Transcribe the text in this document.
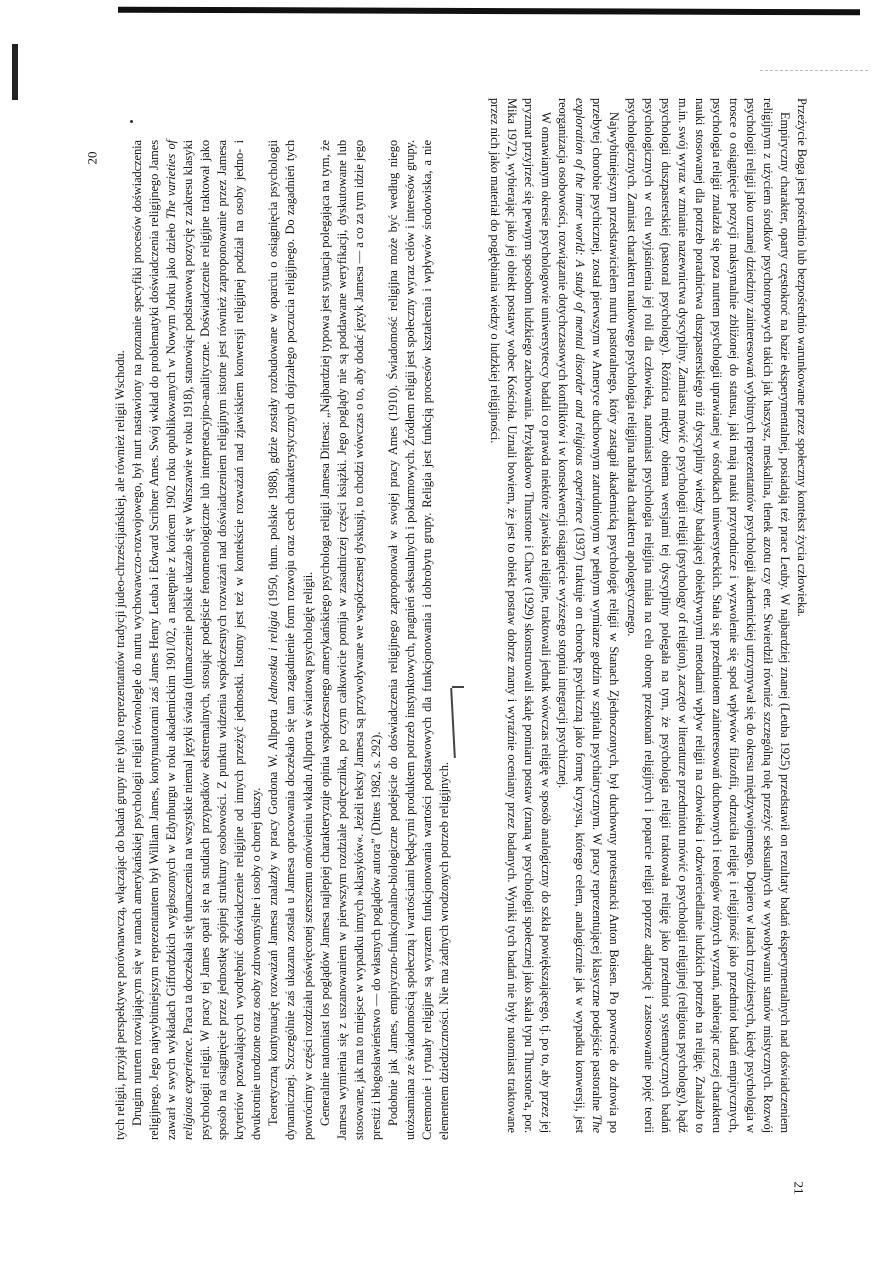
tych religii, przyjął perspektywę porównawczą, włączając do badań grupy nie tylko reprezentantów tradycji judeo-chrześcijańskiej, ale również religii Wschodu. Drugim nurtem rozwijającym się w ramach amerykańskiej psychologii religii równolegle do nurtu wychowawczo-rozwojowego, był nurt nastawiony na poznanie specyfiki procesów doświadczenia religijnego. Jego najwybitniejszym reprezentantem był William James, kontynuatorami zaś James Henry Leuba i Edward Scribner Ames. Swój wkład do problematyki doświadczenia religijnego James zawarł w swych wykładach Giffordzkich wygłoszonych w Edynburgu w roku akademickim 1901/02, a następnie z końcem 1902 roku opublikowanych w Nowym Jorku jako dzieło The varieties of religious experience. Praca ta doczekała się tłumaczenia na wszystkie niemal języki świata (tłumaczenie polskie ukazało się w Warszawie w roku 1918), stanowiąc podstawową pozycję z zakresu klasyki psychologii religii. W pracy tej James oparł się na studiach przypadków ekstremalnych, stosując podejście fenomenologiczne lub interpretacyjno-analityczne. Doświadczenie religijne traktował jako sposób na osiągnięcie przez jednostkę spójnej struktury osobowości. Z punktu widzenia współczesnych rozważań nad doświadczeniem religijnym istotne jest również zaproponowanie przez Jamesa kryteriów pozwalających wyodrębnić doświadczenie religijne od innych przeżyć jednostki. Istotny jest też w kontekście rozważań nad zjawiskiem konwersji religijnej podział na osoby jedno- i dwukrotnie urodzone oraz osoby zdrowomyślne i osoby o chorej duszy. Teoretyczną kontynuację rozważań Jamesa znalazły w pracy Gordona W. Allporta Jednostka i religia (1950, tłum. polskie 1988), gdzie zostały rozbudowane w oparciu o osiągnięcia psychologii dynamicznej. Szczególnie zaś ukazana została u Jamesa opracowania doczekało się tam zagadnienie form rozwoju oraz cech charakterystycznych dojrzałego poczucia religijnego. Do zagadnień tych powrócimy w części rozdziału poświęconej szerszemu omówieniu wkładu Allporta w światową psychologię religii. Generalnie natomiast los poglądów Jamesa najlepiej charakteryzuje opinia współczesnego amerykańskiego psychologa religii Jamesa Dittesa: „Najbardziej typowa jest sytuacja polegająca na tym, że Jamesa wymienia się z uszanowaniem w pierwszym rozdziale podręcznika, po czym całkowicie pomija w zasadniczej części książki. Jego poglądy nie są poddawane weryfikacji, dyskutowane lub stosowane, jak ma to miejsce w wypadku innych »klasyków«. Jeżeli teksty Jamesa są przywoływane we współczesnej dyskusji, to chodzi wówczas o to, aby dodać język Jamesa — a co za tym idzie jego prestiż i błogosławieństwo — do własnych poglądów autora” (Dittes 1982, s. 292). Podobnie jak James, empiryczno-funkcjonalno-biologiczne podejście do doświadczenia religijnego zaproponował w swojej pracy Ames (1910). Świadomość religijna może być według niego utożsamiana ze świadomością społeczną i wartościami będącymi produktem potrzeb instynktowych, pragnień seksualnych i pokarmowych. Źródłem religii jest społeczny wyraz celów i interesów grupy. Ceremonie i rytuały religijne są wyrazem funkcjonowania wartości podstawowych dla funkcjonowania i dobrobytu grupy. Religia jest funkcją procesów kształcenia i wpływów środowiska, a nie elementem dziedziczności. Nie ma żadnych wrodzonych potrzeb religijnych.

Przeżycie Boga jest pośrednio lub bezpośrednio warunkowane przez społeczny kontekst życia człowieka.

Empiryczny charakter, oparty częstokroć na bazie eksperymentalnej, posiadają też prace Leuby. W najbardziej znanej (Leuba 1925) przedstawił on rezultaty badań eksperymentalnych nad doświadczeniem religijnym z użyciem środków psychotropowych takich jak haszysz, meskalina, tlenek azotu czy eter. Stwierdził również szczególną rolę przeżyć seksualnych w wywoływaniu stanów mistycznych. Rozwój psychologii religii jako uznanej dziedziny zainteresowań wybitnych reprezentantów psychologii akademickiej utrzymywał się do okresu międzywojennego. Dopiero w latach trzydziestych, kiedy psychologia w trosce o osiągnięcie pozycji maksymalnie zbliżonej do statusu, jaki mają nauki przyrodnicze i wyzwolenie się spod wpływów filozofii, odrzuciła religię i religijność jako przedmiot badań empirycznych, psychologia religii znalazła się poza nurtem psychologii uprawianej w ośrodkach uniwersyteckich. Stała się przedmiotem zainteresowań duchownych i teologów różnych wyznań, nabierając raczej charakteru nauki stosowanej dla potrzeb poradnictwa duszpasterskiego niż dyscypliny wiedzy badającej obiektywnymi metodami wpływ religii na człowieka i odzwierciedlanie ludzkich potrzeb na religię. Znalazło to m.in. swój wyraz w zmianie nazewnictwa dyscypliny. Zamiast mówić o psychologii religii (psychology of religion), zaczęto w literaturze przedmiotu mówić o psychologii religijnej (religious psychology), bądź psychologii duszpasterskiej (pastoral psychology). Różnica między obiema wersjami tej dyscypliny polegała na tym, że psychologia religii traktowała religię jako przedmiot systematycznych badań psychologicznych w celu wyjaśnienia jej roli dla człowieka, natomiast psychologia religijna miała na celu obronę przekonań religijnych i poparcie religii poprzez adaptację i zastosowanie pojęć teorii psychologicznych. Zamiast charakteru naukowego psychologia religijna nabrała charakteru apologetycznego.

Najwybitniejszym przedstawicielem nurtu pastoralnego, który zastąpił akademicką psychologię religii w Stanach Zjednoczonych, był duchowny protestancki Anton Boisen. Po powrocie do zdrowia po przebytej chorobie psychicznej, został pierwszym w Ameryce duchownym zatrudnionym w pełnym wymiarze godzin w szpitalu psychiatrycznym. W pracy reprezentującej klasyczne podejście pastoralne The exploration of the inner world: A study of mental disorder and religious experience (1937) traktuje on chorobę psychiczną jako formę kryzysu, którego celem, analogicznie jak w wypadku konwersji, jest reorganizacja osobowości, rozwiązanie dotychczasowych konfliktów i w konsekwencji osiągnięcie wyższego stopnia integracji psychicznej.

W omawianym okresie psychologowie uniwersyteccy badali co prawda niektóre zjawiska religijne, traktowali jednak wówczas religię w sposób analogiczny do szkła powiększającego, tj. po to, aby przez jej pryzmat przyjrzeć się pewnym sposobom ludzkiego zachowania. Przykładowo Thurstone i Chave (1929) skonstruowali skalę pomiaru postaw (znaną w psychologii społecznej jako skala typu Thurstone'a, por. Mika 1972), wybierając jako jej obiekt postawy wobec Kościoła. Uznali bowiem, że jest to obiekt postaw dobrze znany i wyraźnie oceniany przez badanych. Wyniki tych badań nie były natomiast traktowane przez nich jako materiał do pogłębiania wiedzy o ludzkiej religijności.

20
21
